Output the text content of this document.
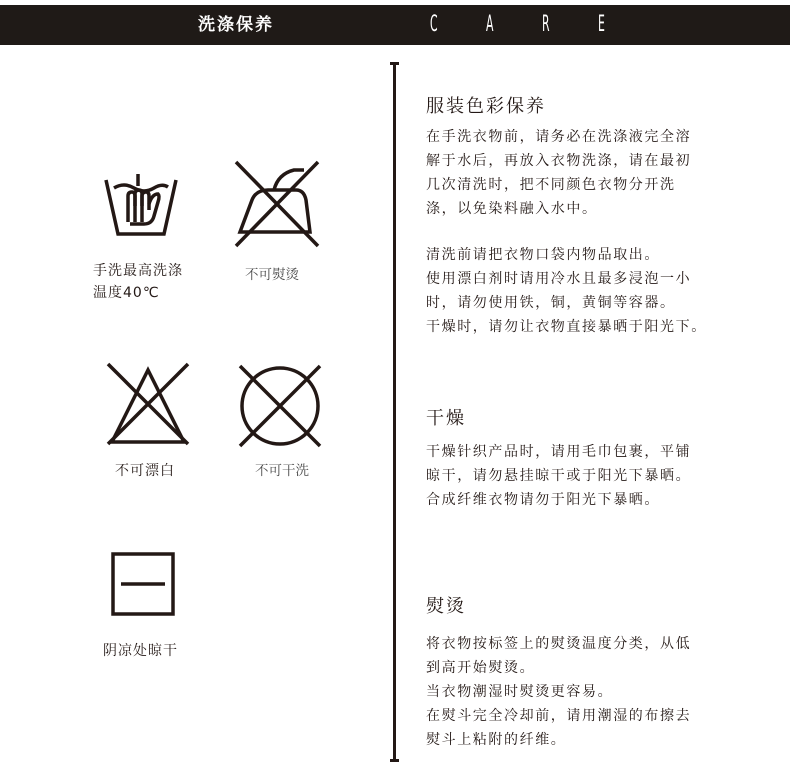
洗涤保养	C A R E
手洗最高洗涤
温度40℃
不可熨烫
不可漂白	不可干洗
阴凉处晾干
服装色彩保养
在手洗衣物前，请务必在洗涤液完全溶
解于水后，再放入衣物洗涤，请在最初
几次清洗时，把不同颜色衣物分开洗
涤，以免染料融入水中。
清洗前请把衣物口袋内物品取出。
使用漂白剂时请用冷水且最多浸泡一小
时，请勿使用铁，铜，黄铜等容器。
干燥时，请勿让衣物直接暴晒于阳光下。
干燥
干燥针织产品时，请用毛巾包裹，平铺
晾干，请勿悬挂晾干或于阳光下暴晒。
合成纤维衣物请勿于阳光下暴晒。
熨烫
将衣物按标签上的熨烫温度分类，从低
到高开始熨烫。
当衣物潮湿时熨烫更容易。
在熨斗完全冷却前，请用潮湿的布擦去
熨斗上粘附的纤维。
